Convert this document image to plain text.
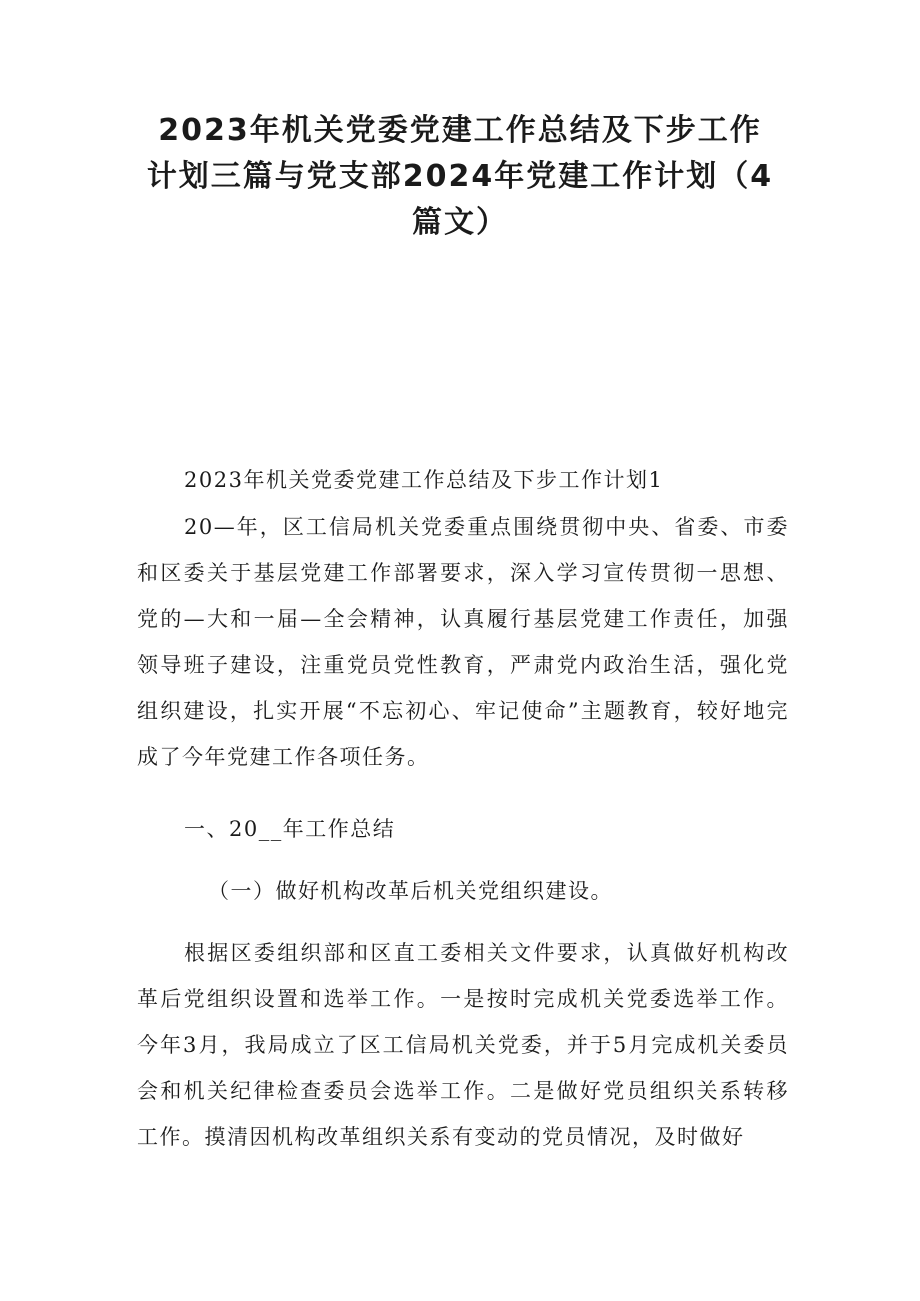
2023年机关党委党建工作总结及下步工作
计划三篇与党支部2024年党建工作计划（4
篇文）
2023年机关党委党建工作总结及下步工作计划1
20—年，区工信局机关党委重点围绕贯彻中央、省委、市委和区委关于基层党建工作部署要求，深入学习宣传贯彻一思想、党的—大和一届—全会精神，认真履行基层党建工作责任，加强领导班子建设，注重党员党性教育，严肃党内政治生活，强化党组织建设，扎实开展“不忘初心、牢记使命”主题教育，较好地完成了今年党建工作各项任务。
一、20__年工作总结
（一）做好机构改革后机关党组织建设。
根据区委组织部和区直工委相关文件要求，认真做好机构改革后党组织设置和选举工作。一是按时完成机关党委选举工作。今年3月，我局成立了区工信局机关党委，并于5月完成机关委员会和机关纪律检查委员会选举工作。二是做好党员组织关系转移工作。摸清因机构改革组织关系有变动的党员情况，及时做好
